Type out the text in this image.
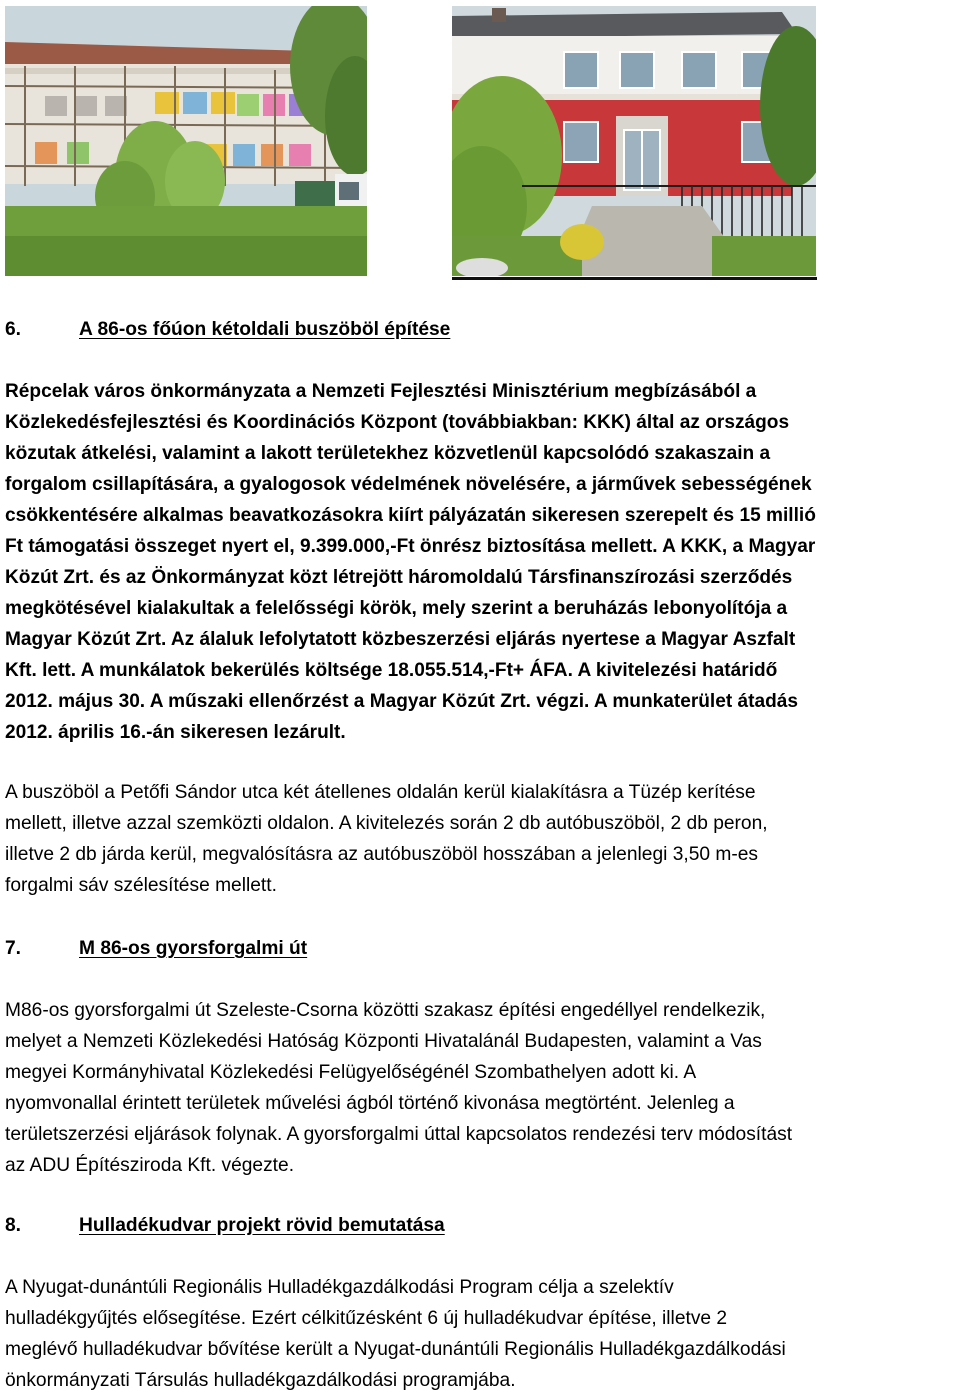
6.	A 86-os főúon kétoldali buszöböl építése

Répcelak város önkormányzata a Nemzeti Fejlesztési Minisztérium megbízásából a
Közlekedésfejlesztési és Koordinációs Központ (továbbiakban: KKK) által az országos
közutak átkelési, valamint a lakott területekhez közvetlenül kapcsolódó szakaszain a
forgalom csillapítására, a gyalogosok védelmének növelésére, a járművek sebességének
csökkentésére alkalmas beavatkozásokra kiírt pályázatán sikeresen szerepelt és 15 millió
Ft támogatási összeget nyert el, 9.399.000,-Ft önrész biztosítása mellett. A KKK, a Magyar
Közút Zrt. és az Önkormányzat közt létrejött háromoldalú Társfinanszírozási szerződés
megkötésével kialakultak a felelősségi körök, mely szerint a beruházás lebonyolítója a
Magyar Közút Zrt. Az álaluk lefolytatott közbeszerzési eljárás nyertese a Magyar Aszfalt
Kft. lett. A munkálatok bekerülés költsége 18.055.514,-Ft+ ÁFA. A kivitelezési határidő
2012. május 30. A műszaki ellenőrzést a Magyar Közút Zrt. végzi. A munkaterület átadás
2012. április 16.-án sikeresen lezárult.

A buszöböl a Petőfi Sándor utca két átellenes oldalán kerül kialakításra a Tüzép kerítése
mellett, illetve azzal szemközti oldalon. A kivitelezés során 2 db autóbuszöböl, 2 db peron,
illetve 2 db járda kerül, megvalósításra az autóbuszöböl hosszában a jelenlegi 3,50 m-es
forgalmi sáv szélesítése mellett.

7.	M 86-os gyorsforgalmi út

M86-os gyorsforgalmi út Szeleste-Csorna közötti szakasz építési engedéllyel rendelkezik,
melyet a Nemzeti Közlekedési Hatóság Központi Hivatalánál Budapesten, valamint a Vas
megyei Kormányhivatal Közlekedési Felügyelőségénél Szombathelyen adott ki. A
nyomvonallal érintett területek művelési ágból történő kivonása megtörtént. Jelenleg a
területszerzési eljárások folynak. A gyorsforgalmi úttal kapcsolatos rendezési terv módosítást
az ADU Építésziroda Kft. végezte.

8.	Hulladékudvar projekt rövid bemutatása

A Nyugat-dunántúli Regionális Hulladékgazdálkodási Program célja a szelektív
hulladékgyűjtés elősegítése. Ezért célkitűzésként 6 új hulladékudvar építése, illetve 2
meglévő hulladékudvar bővítése került a Nyugat-dunántúli Regionális Hulladékgazdálkodási
önkormányzati Társulás hulladékgazdálkodási programjába.
